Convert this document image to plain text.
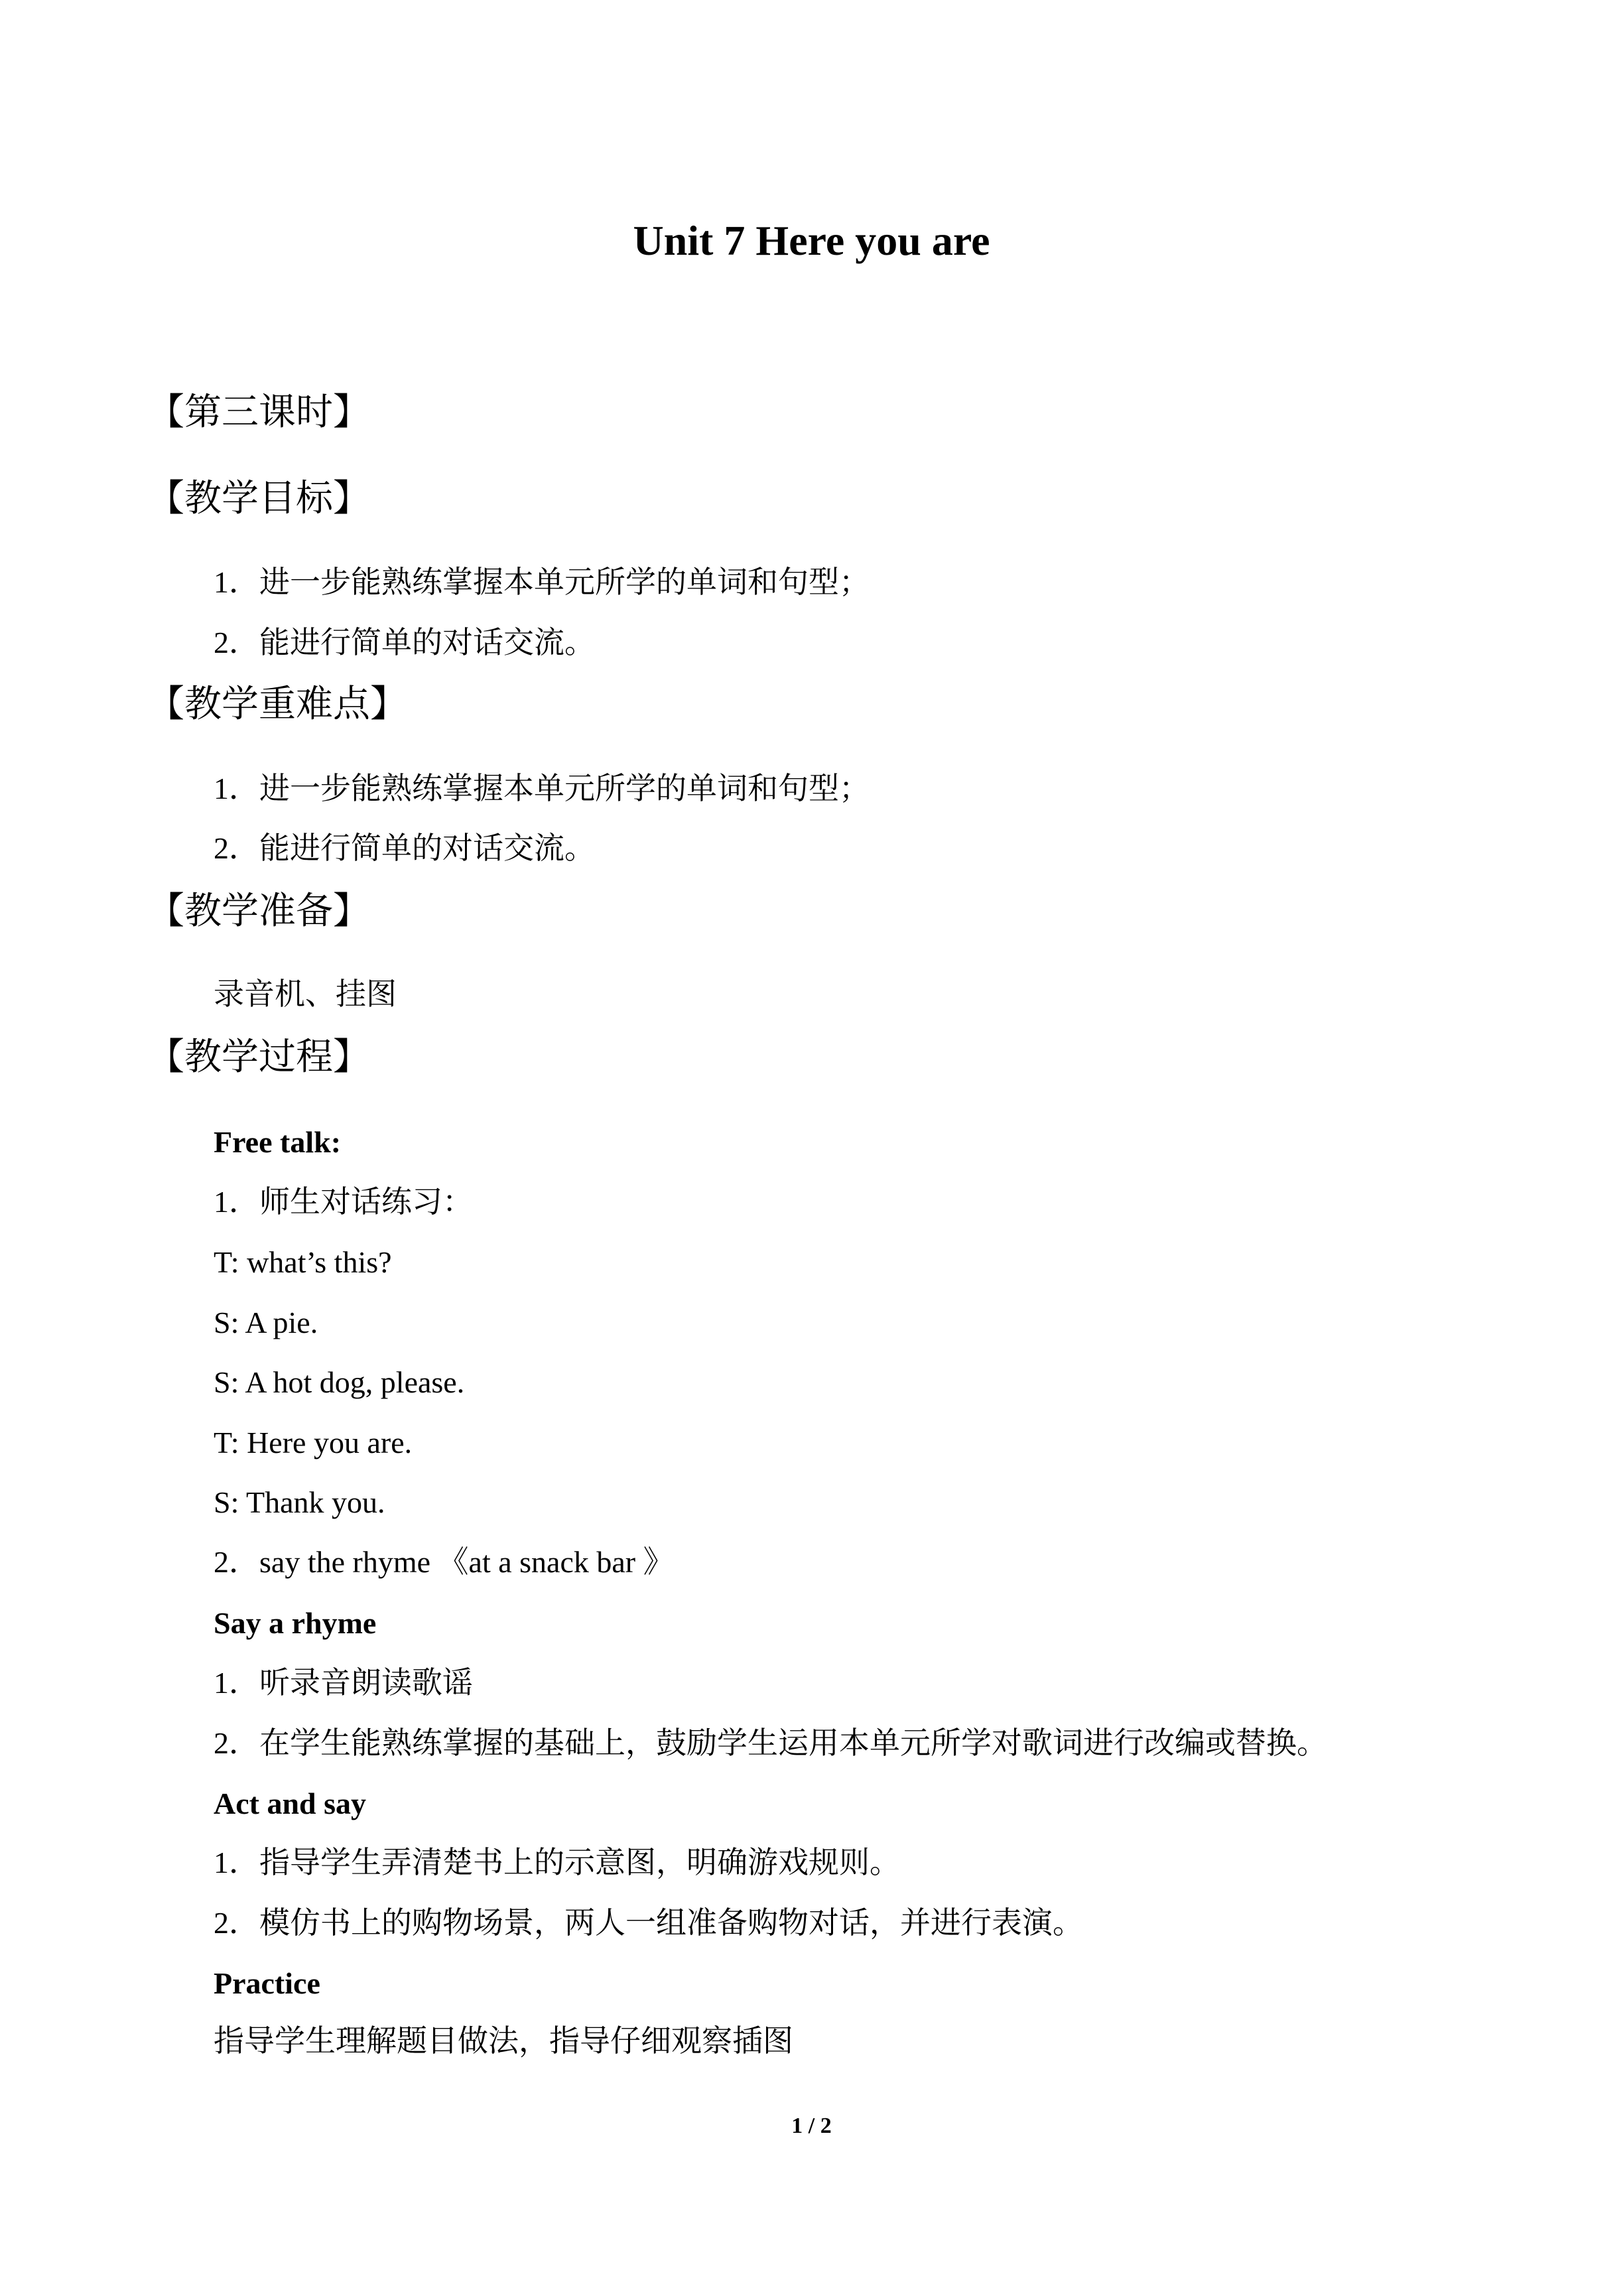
Unit 7 Here you are
【第三课时】
【教学目标】
1．进一步能熟练掌握本单元所学的单词和句型；
2．能进行简单的对话交流。
【教学重难点】
1．进一步能熟练掌握本单元所学的单词和句型；
2．能进行简单的对话交流。
【教学准备】
录音机、挂图
【教学过程】
Free talk:
1．师生对话练习：
T: what’s this?
S: A pie.
S: A hot dog, please.
T: Here you are.
S: Thank you.
2．say the rhyme 《at a snack bar 》
Say a rhyme
1．听录音朗读歌谣
2．在学生能熟练掌握的基础上，鼓励学生运用本单元所学对歌词进行改编或替换。
Act and say
1．指导学生弄清楚书上的示意图，明确游戏规则。
2．模仿书上的购物场景，两人一组准备购物对话，并进行表演。
Practice
指导学生理解题目做法，指导仔细观察插图
1 / 2
